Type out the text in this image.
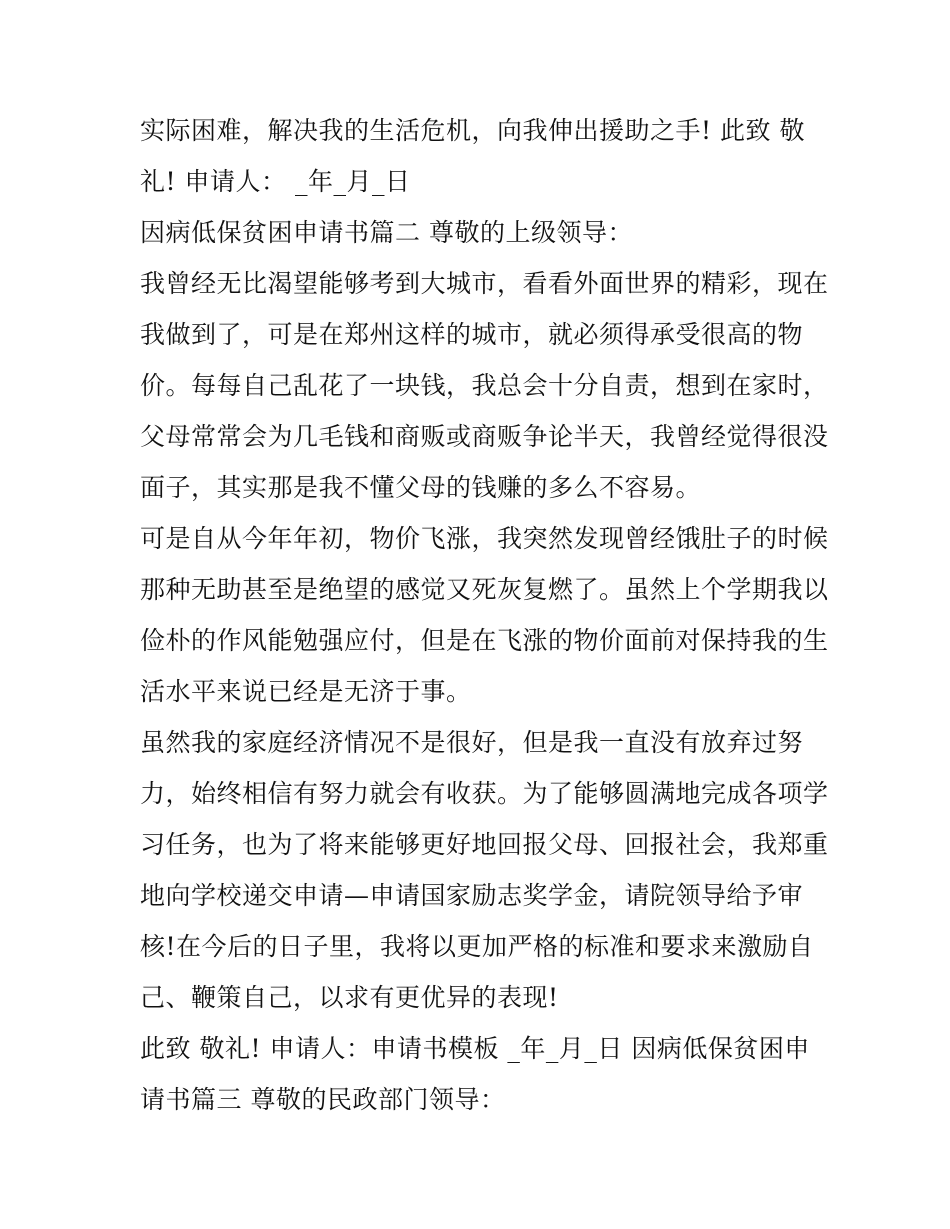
实际困难，解决我的生活危机，向我伸出援助之手! 此致 敬
礼! 申请人： _年_月_日
因病低保贫困申请书篇二 尊敬的上级领导：
我曾经无比渴望能够考到大城市，看看外面世界的精彩，现在
我做到了，可是在郑州这样的城市，就必须得承受很高的物
价。每每自己乱花了一块钱，我总会十分自责，想到在家时，
父母常常会为几毛钱和商贩或商贩争论半天，我曾经觉得很没
面子，其实那是我不懂父母的钱赚的多么不容易。
可是自从今年年初，物价飞涨，我突然发现曾经饿肚子的时候
那种无助甚至是绝望的感觉又死灰复燃了。虽然上个学期我以
俭朴的作风能勉强应付，但是在飞涨的物价面前对保持我的生
活水平来说已经是无济于事。
虽然我的家庭经济情况不是很好，但是我一直没有放弃过努
力，始终相信有努力就会有收获。为了能够圆满地完成各项学
习任务，也为了将来能够更好地回报父母、回报社会，我郑重
地向学校递交申请—申请国家励志奖学金，请院领导给予审
核!在今后的日子里，我将以更加严格的标准和要求来激励自
己、鞭策自己，以求有更优异的表现!
此致 敬礼! 申请人：申请书模板 _年_月_日 因病低保贫困申
请书篇三 尊敬的民政部门领导：
